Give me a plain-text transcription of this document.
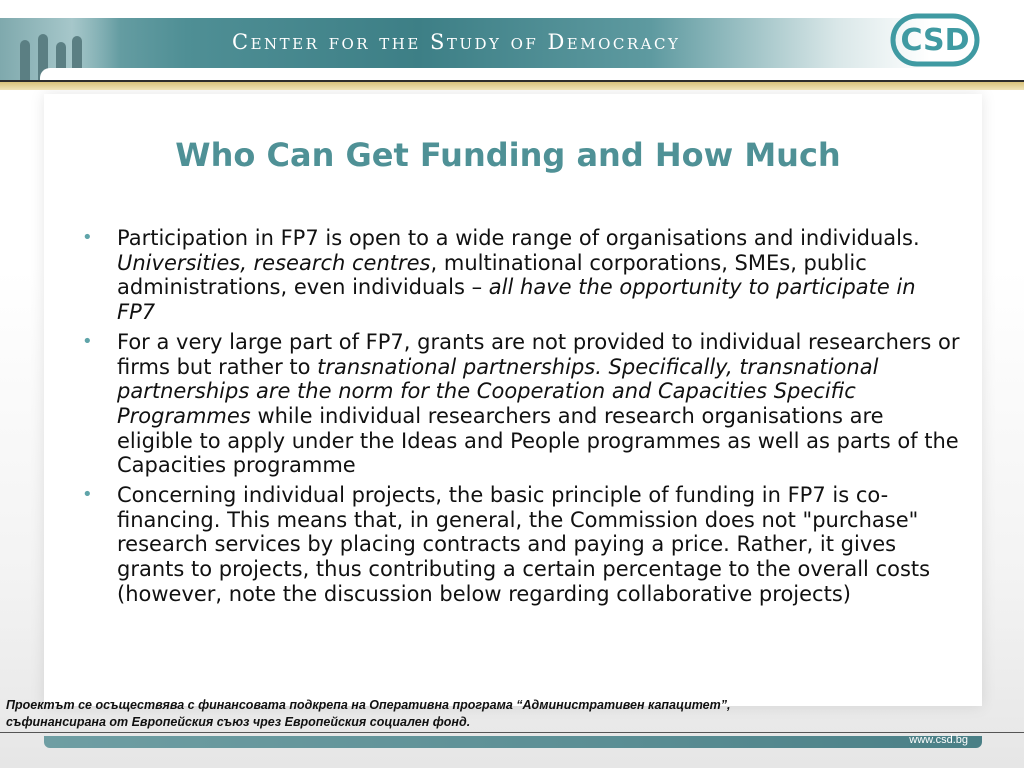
Center for the Study of Democracy	CSD
Who Can Get Funding and How Much
• Participation in FP7 is open to a wide range of organisations and individuals. Universities, research centres, multinational corporations, SMEs, public administrations, even individuals – all have the opportunity to participate in FP7
• For a very large part of FP7, grants are not provided to individual researchers or firms but rather to transnational partnerships. Specifically, transnational partnerships are the norm for the Cooperation and Capacities Specific Programmes while individual researchers and research organisations are eligible to apply under the Ideas and People programmes as well as parts of the Capacities programme
• Concerning individual projects, the basic principle of funding in FP7 is co-financing. This means that, in general, the Commission does not "purchase" research services by placing contracts and paying a price. Rather, it gives grants to projects, thus contributing a certain percentage to the overall costs (however, note the discussion below regarding collaborative projects)
Проектът се осъществява с финансовата подкрепа на Оперативна програма “Административен капацитет”,
съфинансирана от Европейския съюз чрез Европейския социален фонд.
www.csd.bg
